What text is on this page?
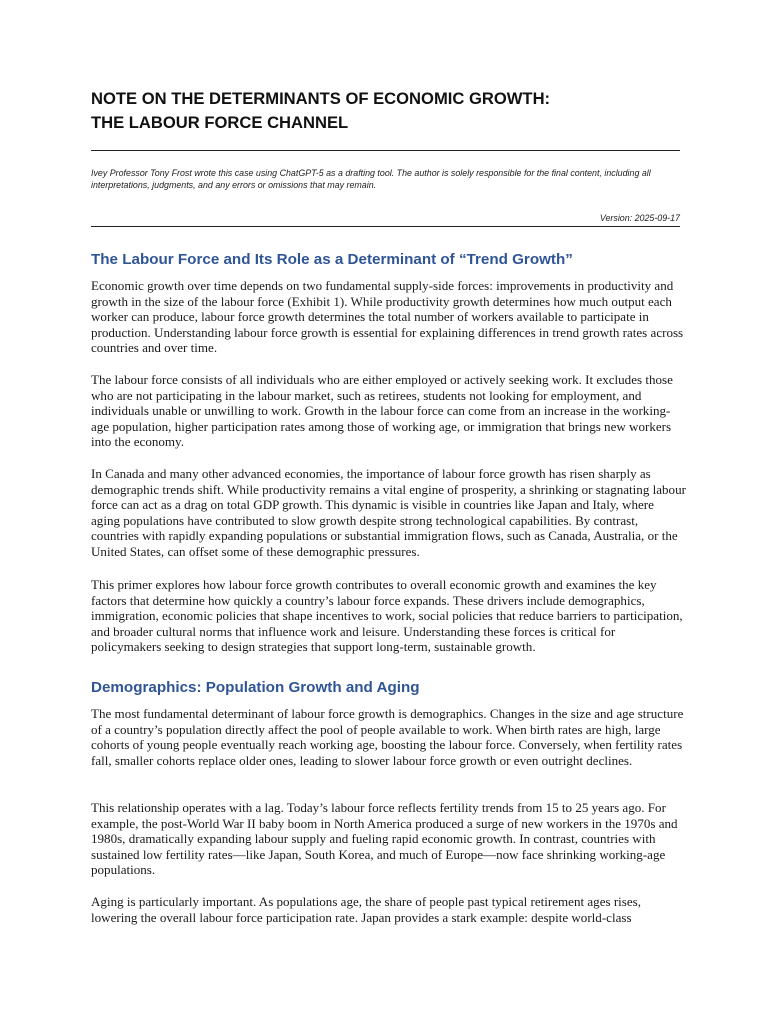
NOTE ON THE DETERMINANTS OF ECONOMIC GROWTH:
THE LABOUR FORCE CHANNEL

Ivey Professor Tony Frost wrote this case using ChatGPT-5 as a drafting tool. The author is solely responsible for the final content, including all interpretations, judgments, and any errors or omissions that may remain.

Version: 2025-09-17
The Labour Force and Its Role as a Determinant of “Trend Growth”

Economic growth over time depends on two fundamental supply-side forces: improvements in productivity and growth in the size of the labour force (Exhibit 1). While productivity growth determines how much output each worker can produce, labour force growth determines the total number of workers available to participate in production. Understanding labour force growth is essential for explaining differences in trend growth rates across countries and over time.

The labour force consists of all individuals who are either employed or actively seeking work. It excludes those who are not participating in the labour market, such as retirees, students not looking for employment, and individuals unable or unwilling to work. Growth in the labour force can come from an increase in the working-age population, higher participation rates among those of working age, or immigration that brings new workers into the economy.

In Canada and many other advanced economies, the importance of labour force growth has risen sharply as demographic trends shift. While productivity remains a vital engine of prosperity, a shrinking or stagnating labour force can act as a drag on total GDP growth. This dynamic is visible in countries like Japan and Italy, where aging populations have contributed to slow growth despite strong technological capabilities. By contrast, countries with rapidly expanding populations or substantial immigration flows, such as Canada, Australia, or the United States, can offset some of these demographic pressures.

This primer explores how labour force growth contributes to overall economic growth and examines the key factors that determine how quickly a country’s labour force expands. These drivers include demographics, immigration, economic policies that shape incentives to work, social policies that reduce barriers to participation, and broader cultural norms that influence work and leisure. Understanding these forces is critical for policymakers seeking to design strategies that support long-term, sustainable growth.

Demographics: Population Growth and Aging

The most fundamental determinant of labour force growth is demographics. Changes in the size and age structure of a country’s population directly affect the pool of people available to work. When birth rates are high, large cohorts of young people eventually reach working age, boosting the labour force. Conversely, when fertility rates fall, smaller cohorts replace older ones, leading to slower labour force growth or even outright declines.

This relationship operates with a lag. Today’s labour force reflects fertility trends from 15 to 25 years ago. For example, the post-World War II baby boom in North America produced a surge of new workers in the 1970s and 1980s, dramatically expanding labour supply and fueling rapid economic growth. In contrast, countries with sustained low fertility rates—like Japan, South Korea, and much of Europe—now face shrinking working-age populations.

Aging is particularly important. As populations age, the share of people past typical retirement ages rises, lowering the overall labour force participation rate. Japan provides a stark example: despite world-class
